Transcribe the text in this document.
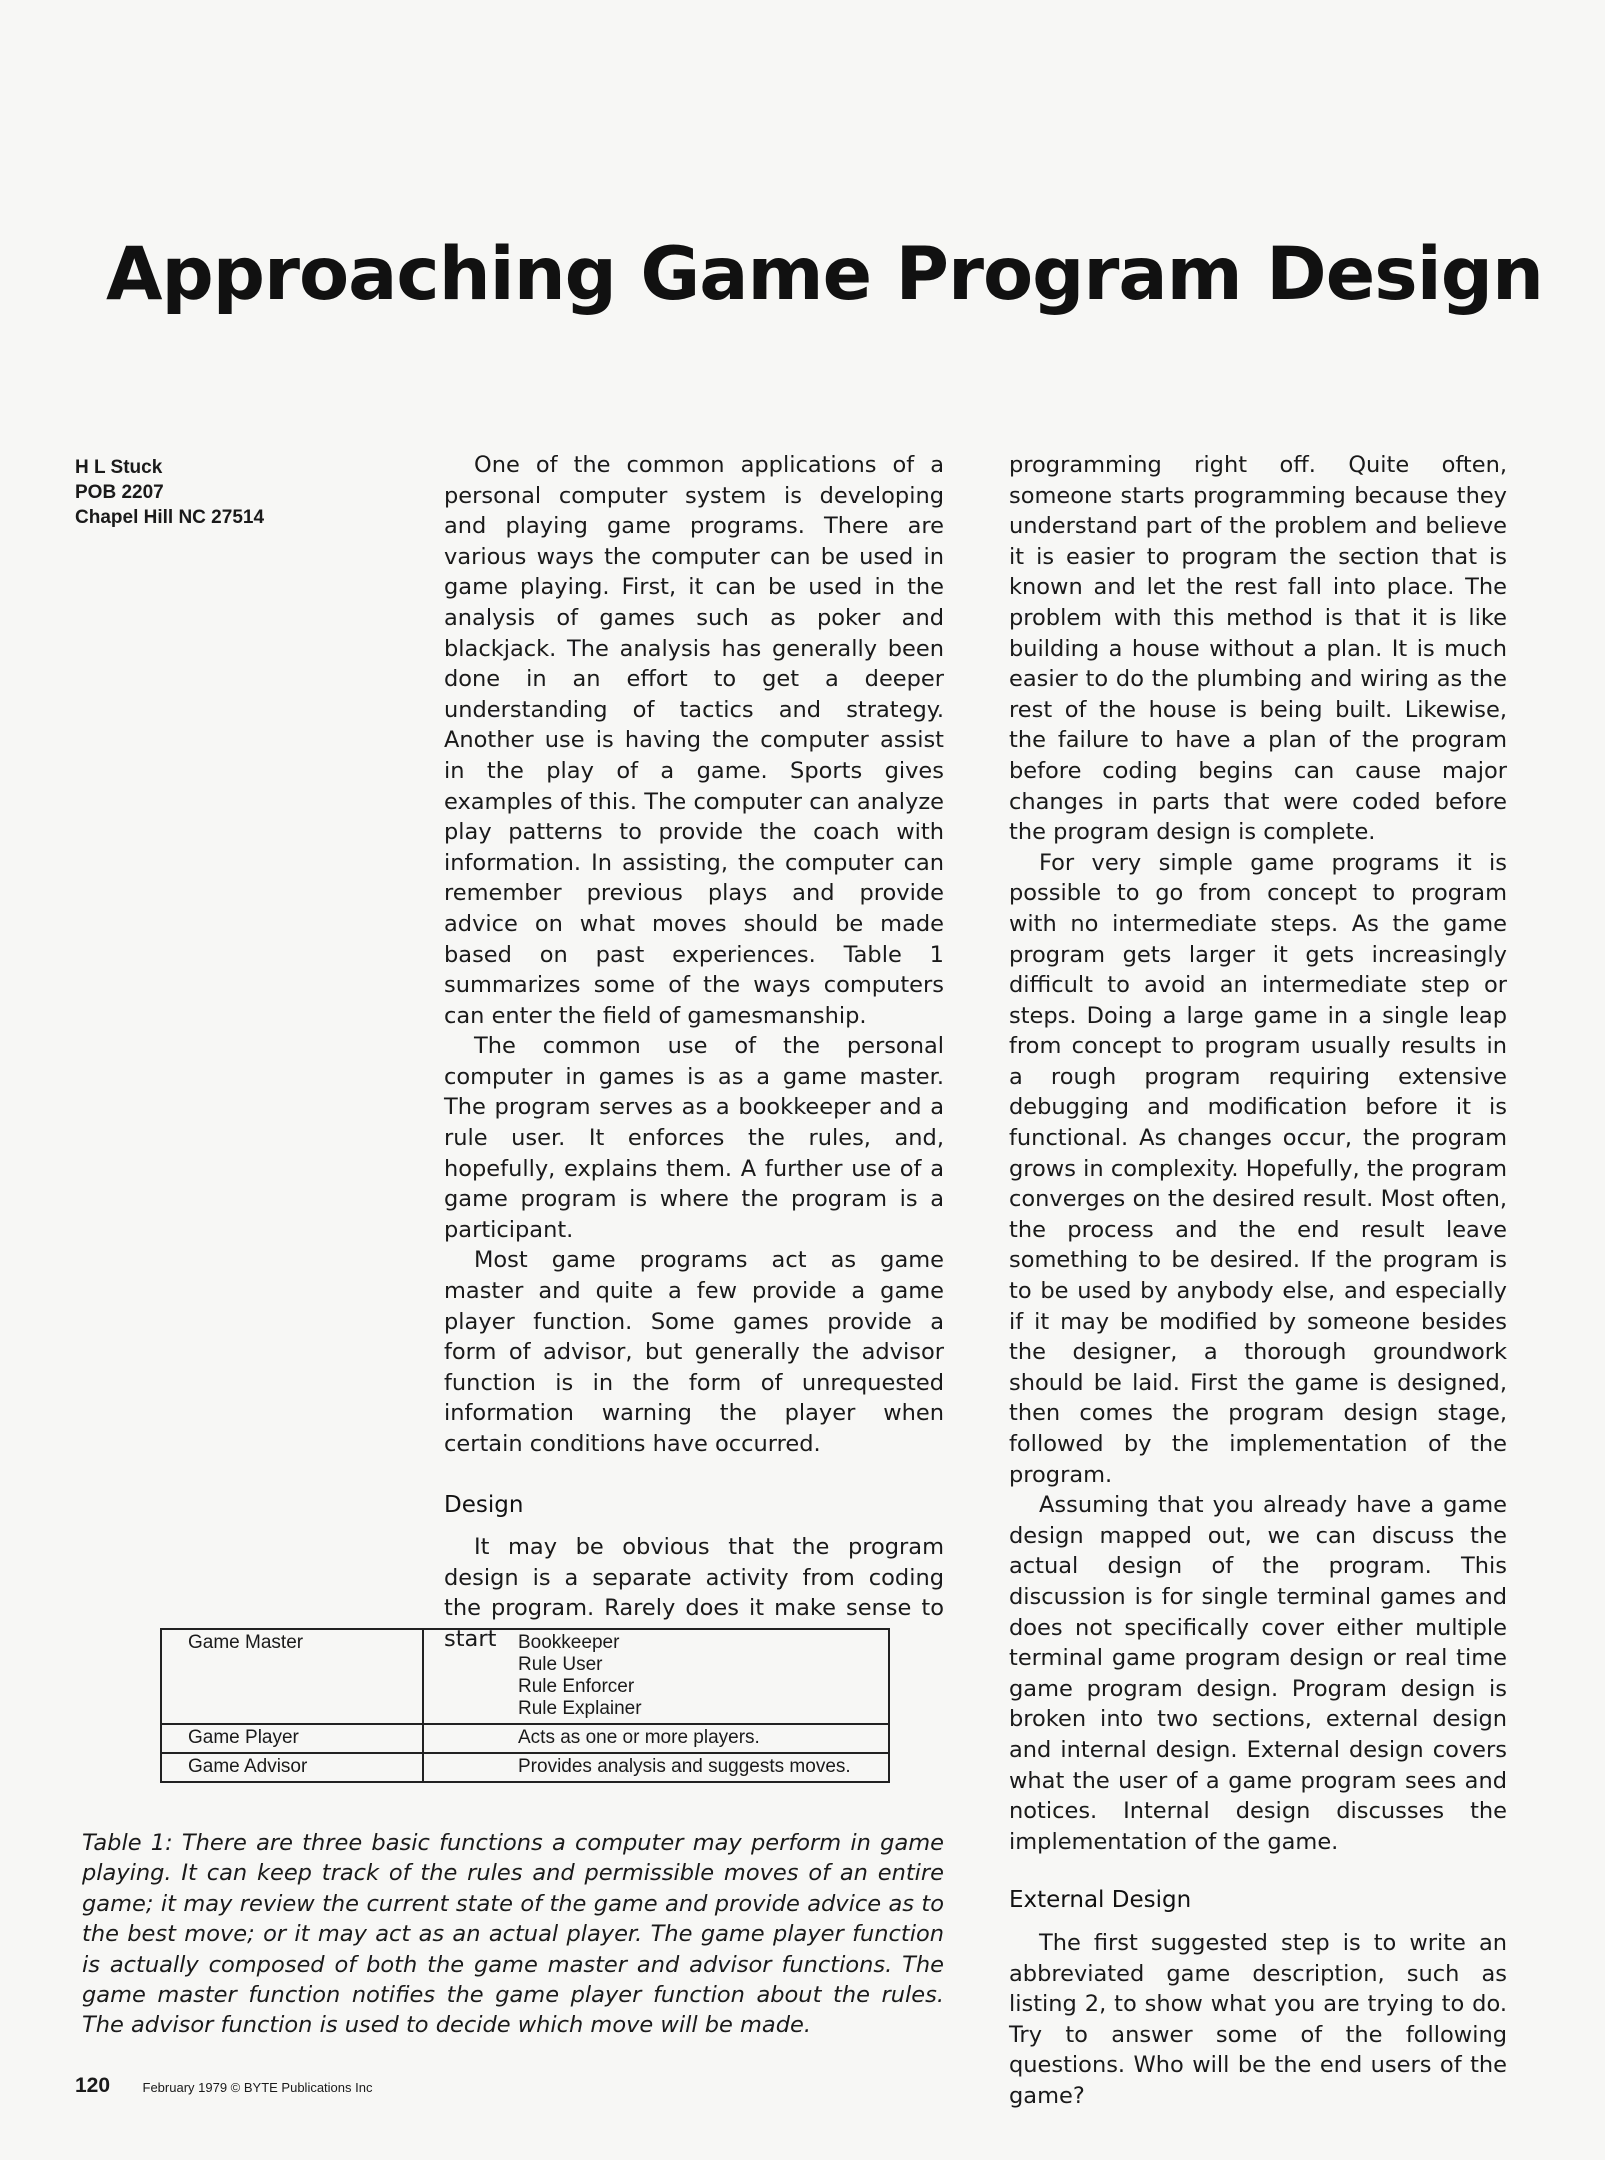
Approaching Game Program Design
H L Stuck
POB 2207
Chapel Hill NC 27514

One of the common applications of a personal computer system is developing and playing game programs. There are various ways the computer can be used in game playing. First, it can be used in the analysis of games such as poker and blackjack. The analysis has generally been done in an effort to get a deeper understanding of tactics and strategy. Another use is having the computer assist in the play of a game. Sports gives examples of this. The computer can analyze play patterns to provide the coach with information. In assisting, the computer can remember previous plays and provide advice on what moves should be made based on past experiences. Table 1 summarizes some of the ways computers can enter the field of gamesmanship.

The common use of the personal computer in games is as a game master. The program serves as a bookkeeper and a rule user. It enforces the rules, and, hopefully, explains them. A further use of a game program is where the program is a participant.

Most game programs act as game master and quite a few provide a game player function. Some games provide a form of advisor, but generally the advisor function is in the form of unrequested information warning the player when certain conditions have occurred.

Design

It may be obvious that the program design is a separate activity from coding the program. Rarely does it make sense to start

programming right off. Quite often, someone starts programming because they understand part of the problem and believe it is easier to program the section that is known and let the rest fall into place. The problem with this method is that it is like building a house without a plan. It is much easier to do the plumbing and wiring as the rest of the house is being built. Likewise, the failure to have a plan of the program before coding begins can cause major changes in parts that were coded before the program design is complete.

For very simple game programs it is possible to go from concept to program with no intermediate steps. As the game program gets larger it gets increasingly difficult to avoid an intermediate step or steps. Doing a large game in a single leap from concept to program usually results in a rough program requiring extensive debugging and modification before it is functional. As changes occur, the program grows in complexity. Hopefully, the program converges on the desired result. Most often, the process and the end result leave something to be desired. If the program is to be used by anybody else, and especially if it may be modified by someone besides the designer, a thorough groundwork should be laid. First the game is designed, then comes the program design stage, followed by the implementation of the program.

Assuming that you already have a game design mapped out, we can discuss the actual design of the program. This discussion is for single terminal games and does not specifically cover either multiple terminal game program design or real time game program design. Program design is broken into two sections, external design and internal design. External design covers what the user of a game program sees and notices. Internal design discusses the implementation of the game.

External Design

The first suggested step is to write an abbreviated game description, such as listing 2, to show what you are trying to do. Try to answer some of the following questions. Who will be the end users of the game?

Game Master	Bookkeeper
Rule User
Rule Enforcer
Rule Explainer

Game Player	Acts as one or more players.

Game Advisor	Provides analysis and suggests moves.

Table 1: There are three basic functions a computer may perform in game playing. It can keep track of the rules and permissible moves of an entire game; it may review the current state of the game and provide advice as to the best move; or it may act as an actual player. The game player function is actually composed of both the game master and advisor functions. The game master function notifies the game player function about the rules. The advisor function is used to decide which move will be made.

120 February 1979 © BYTE Publications Inc
